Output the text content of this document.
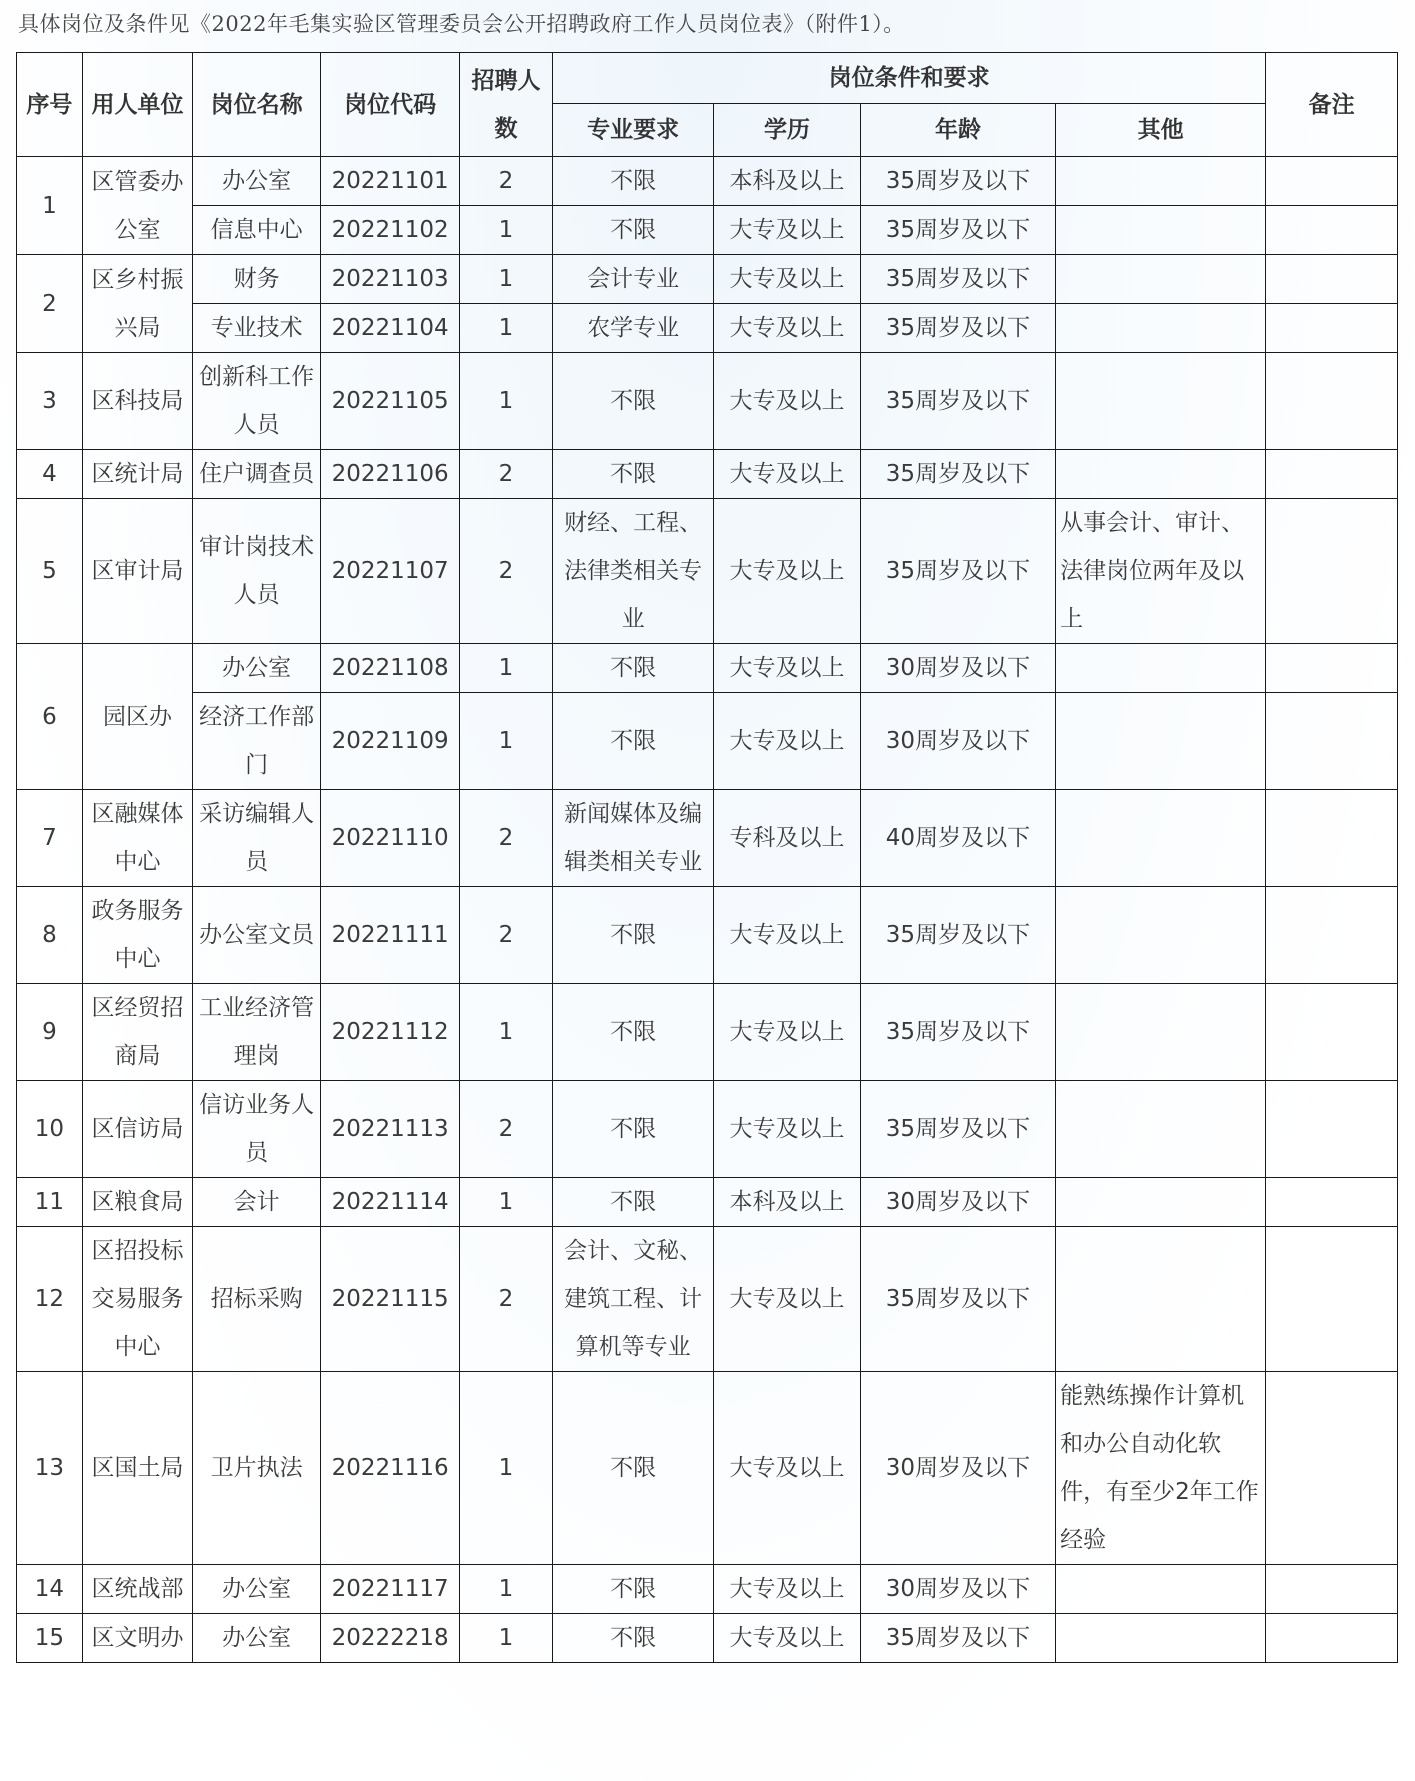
具体岗位及条件见《2022年毛集实验区管理委员会公开招聘政府工作人员岗位表》（附件1）。
序号	用人单位	岗位名称	岗位代码	招聘人数	岗位条件和要求				备注
					专业要求	学历	年龄	其他	
1	区管委办公室	办公室	20221101	2	不限	本科及以上	35周岁及以下		
		信息中心	20221102	1	不限	大专及以上	35周岁及以下		
2	区乡村振兴局	财务	20221103	1	会计专业	大专及以上	35周岁及以下		
		专业技术	20221104	1	农学专业	大专及以上	35周岁及以下		
3	区科技局	创新科工作人员	20221105	1	不限	大专及以上	35周岁及以下		
4	区统计局	住户调查员	20221106	2	不限	大专及以上	35周岁及以下		
5	区审计局	审计岗技术人员	20221107	2	财经、工程、法律类相关专业	大专及以上	35周岁及以下	从事会计、审计、法律岗位两年及以上	
6	园区办	办公室	20221108	1	不限	大专及以上	30周岁及以下		
		经济工作部门	20221109	1	不限	大专及以上	30周岁及以下		
7	区融媒体中心	采访编辑人员	20221110	2	新闻媒体及编辑类相关专业	专科及以上	40周岁及以下		
8	政务服务中心	办公室文员	20221111	2	不限	大专及以上	35周岁及以下		
9	区经贸招商局	工业经济管理岗	20221112	1	不限	大专及以上	35周岁及以下		
10	区信访局	信访业务人员	20221113	2	不限	大专及以上	35周岁及以下		
11	区粮食局	会计	20221114	1	不限	本科及以上	30周岁及以下		
12	区招投标交易服务中心	招标采购	20221115	2	会计、文秘、建筑工程、计算机等专业	大专及以上	35周岁及以下		
13	区国土局	卫片执法	20221116	1	不限	大专及以上	30周岁及以下	能熟练操作计算机和办公自动化软件，有至少2年工作经验	
14	区统战部	办公室	20221117	1	不限	大专及以上	30周岁及以下		
15	区文明办	办公室	20222218	1	不限	大专及以上	35周岁及以下		
